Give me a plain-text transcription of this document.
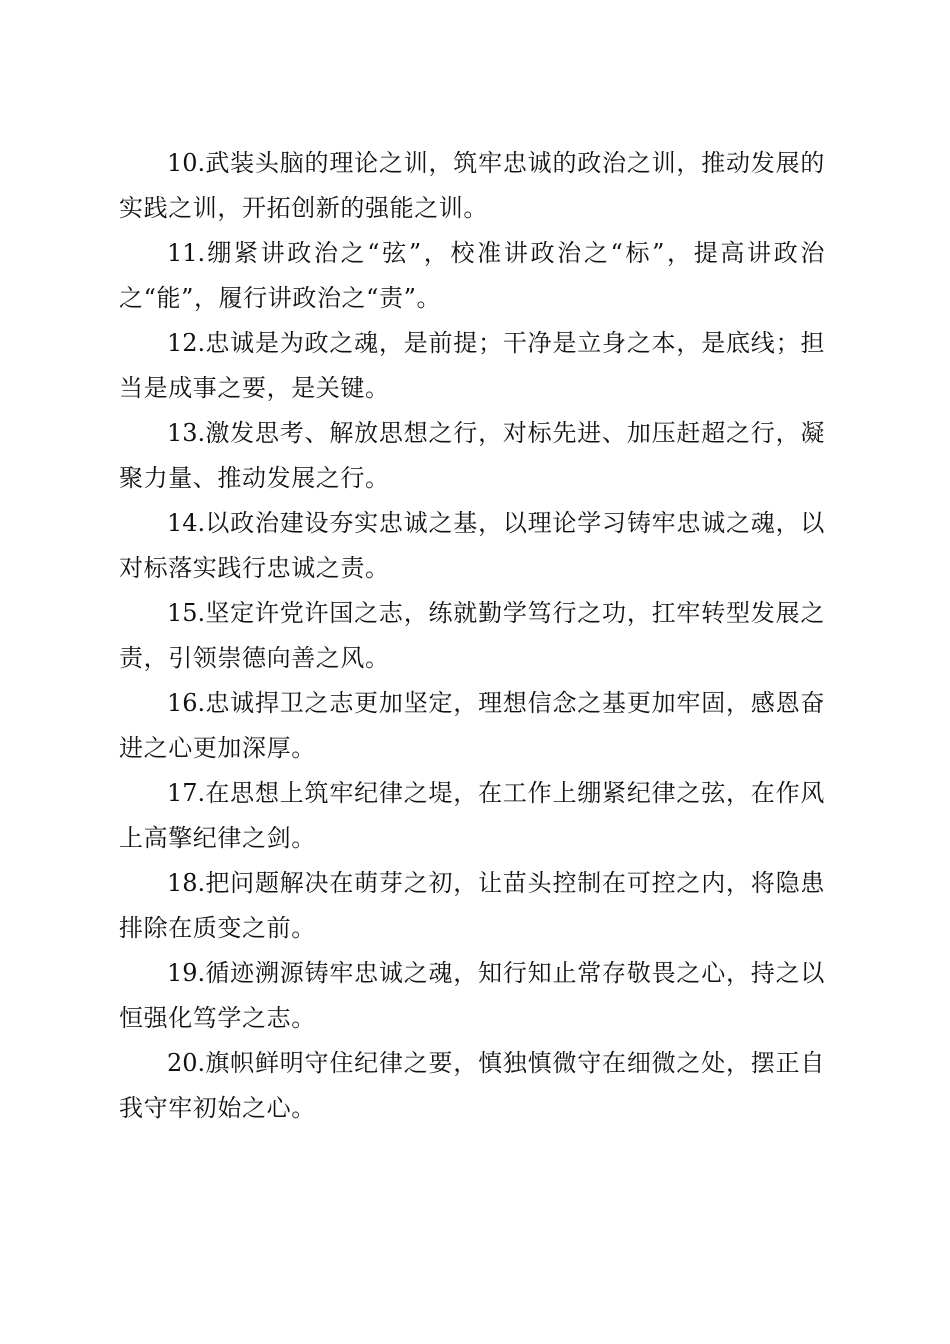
10.武装头脑的理论之训，筑牢忠诚的政治之训，推动发展的实践之训，开拓创新的强能之训。

11.绷紧讲政治之“弦”，校准讲政治之“标”，提高讲政治之“能”，履行讲政治之“责”。

12.忠诚是为政之魂，是前提；干净是立身之本，是底线；担当是成事之要，是关键。

13.激发思考、解放思想之行，对标先进、加压赶超之行，凝聚力量、推动发展之行。

14.以政治建设夯实忠诚之基，以理论学习铸牢忠诚之魂，以对标落实践行忠诚之责。

15.坚定许党许国之志，练就勤学笃行之功，扛牢转型发展之责，引领崇德向善之风。

16.忠诚捍卫之志更加坚定，理想信念之基更加牢固，感恩奋进之心更加深厚。

17.在思想上筑牢纪律之堤，在工作上绷紧纪律之弦，在作风上高擎纪律之剑。

18.把问题解决在萌芽之初，让苗头控制在可控之内，将隐患排除在质变之前。

19.循迹溯源铸牢忠诚之魂，知行知止常存敬畏之心，持之以恒强化笃学之志。

20.旗帜鲜明守住纪律之要，慎独慎微守在细微之处，摆正自我守牢初始之心。
